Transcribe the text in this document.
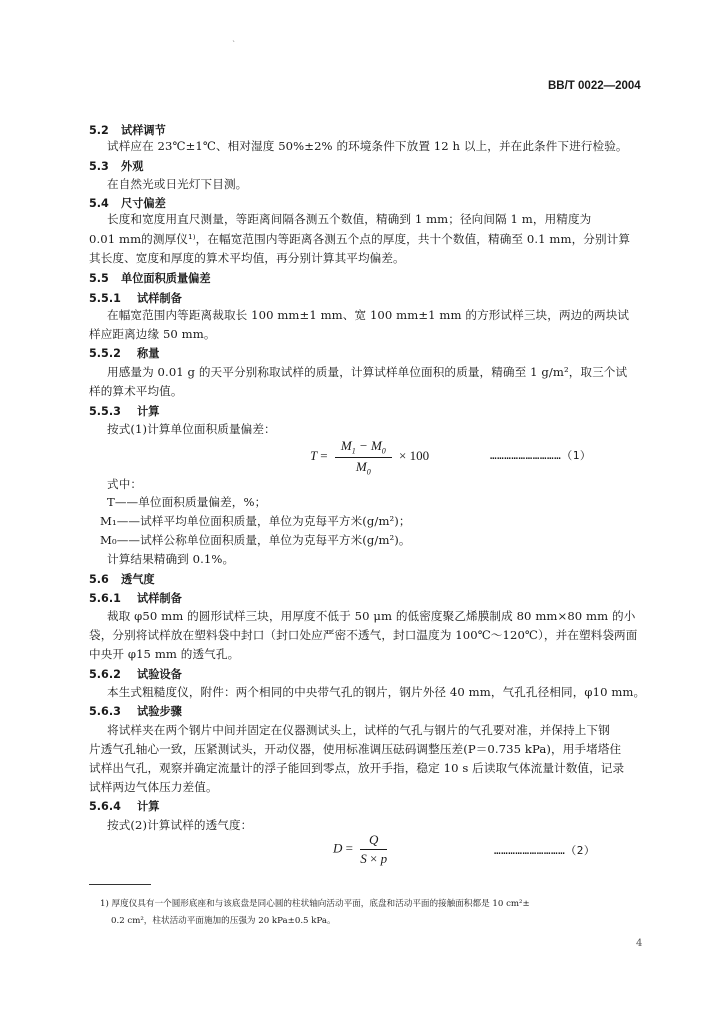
ˋ
BB/T 0022—2004
5.2 试样调节
试样应在 23℃±1℃、相对湿度 50%±2% 的环境条件下放置 12 h 以上，并在此条件下进行检验。
5.3 外观
在自然光或日光灯下目测。
5.4 尺寸偏差
长度和宽度用直尺测量，等距离间隔各测五个数值，精确到 1 mm；径向间隔 1 m，用精度为
0.01 mm的测厚仪¹⁾，在幅宽范围内等距离各测五个点的厚度，共十个数值，精确至 0.1 mm，分别计算
其长度、宽度和厚度的算术平均值，再分别计算其平均偏差。
5.5 单位面积质量偏差
5.5.1 试样制备
在幅宽范围内等距离裁取长 100 mm±1 mm、宽 100 mm±1 mm 的方形试样三块，两边的两块试
样应距离边缘 50 mm。
5.5.2 称量
用感量为 0.01 g 的天平分别称取试样的质量，计算试样单位面积的质量，精确至 1 g/m²，取三个试
样的算术平均值。
5.5.3 计算
按式(1)计算单位面积质量偏差：
$T = \frac{M_1 - M_0}{M_0} \times 100$	…………………………（1）
式中：
T——单位面积质量偏差，%；
M₁——试样平均单位面积质量，单位为克每平方米(g/m²)；
M₀——试样公称单位面积质量，单位为克每平方米(g/m²)。
计算结果精确到 0.1%。
5.6 透气度
5.6.1 试样制备
裁取 φ50 mm 的圆形试样三块，用厚度不低于 50 μm 的低密度聚乙烯膜制成 80 mm×80 mm 的小
袋，分别将试样放在塑料袋中封口（封口处应严密不透气，封口温度为 100℃～120℃），并在塑料袋两面
中央开 φ15 mm 的透气孔。
5.6.2 试验设备
本生式粗糙度仪，附件：两个相同的中央带气孔的钢片，钢片外径 40 mm，气孔孔径相同，φ10 mm。
5.6.3 试验步骤
将试样夹在两个钢片中间并固定在仪器测试头上，试样的气孔与钢片的气孔要对准，并保持上下钢
片透气孔轴心一致，压紧测试头，开动仪器，使用标准调压砝码调整压差(P＝0.735 kPa)，用手堵塔住
试样出气孔，观察并确定流量计的浮子能回到零点，放开手指，稳定 10 s 后读取气体流量计数值，记录
试样两边气体压力差值。
5.6.4 计算
按式(2)计算试样的透气度：
$D = \frac{Q}{S \times p}$	…………………………（2）
1) 厚度仪具有一个圆形底座和与该底盘是同心圆的柱状轴向活动平面，底盘和活动平面的接触面积都是 10 cm²±
0.2 cm²，柱状活动平面施加的压强为 20 kPa±0.5 kPa。
4
